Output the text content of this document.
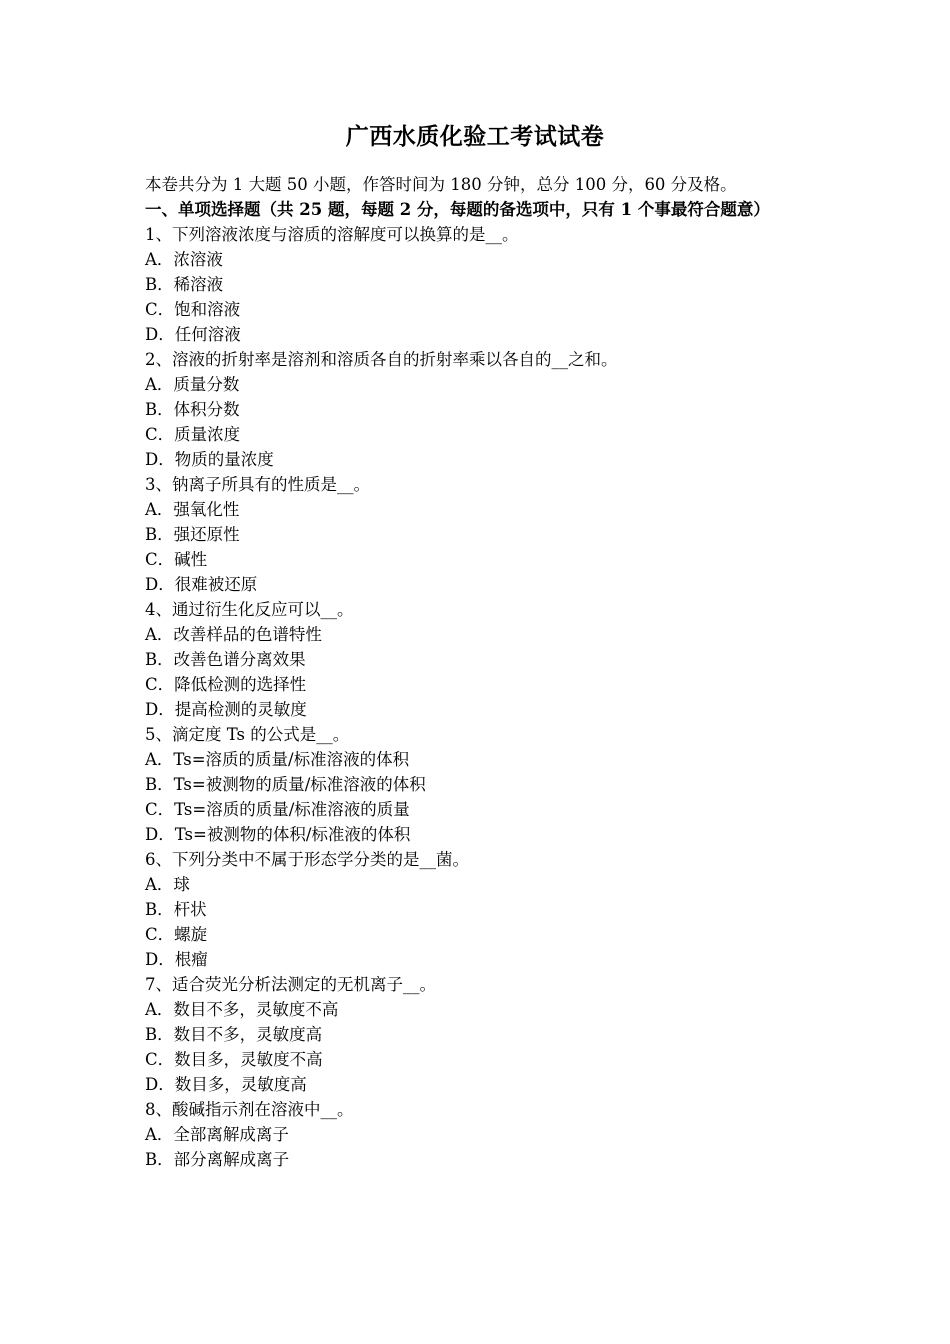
广西水质化验工考试试卷
本卷共分为 1 大题 50 小题，作答时间为 180 分钟，总分 100 分，60 分及格。
一、单项选择题（共 25 题，每题 2 分，每题的备选项中，只有 1 个事最符合题意）
1、下列溶液浓度与溶质的溶解度可以换算的是__。
A．浓溶液
B．稀溶液
C．饱和溶液
D．任何溶液
2、溶液的折射率是溶剂和溶质各自的折射率乘以各自的__之和。
A．质量分数
B．体积分数
C．质量浓度
D．物质的量浓度
3、钠离子所具有的性质是__。
A．强氧化性
B．强还原性
C．碱性
D．很难被还原
4、通过衍生化反应可以__。
A．改善样品的色谱特性
B．改善色谱分离效果
C．降低检测的选择性
D．提高检测的灵敏度
5、滴定度 Ts 的公式是__。
A．Ts=溶质的质量/标准溶液的体积
B．Ts=被测物的质量/标准溶液的体积
C．Ts=溶质的质量/标准溶液的质量
D．Ts=被测物的体积/标准液的体积
6、下列分类中不属于形态学分类的是__菌。
A．球
B．杆状
C．螺旋
D．根瘤
7、适合荧光分析法测定的无机离子__。
A．数目不多，灵敏度不高
B．数目不多，灵敏度高
C．数目多，灵敏度不高
D．数目多，灵敏度高
8、酸碱指示剂在溶液中__。
A．全部离解成离子
B．部分离解成离子
